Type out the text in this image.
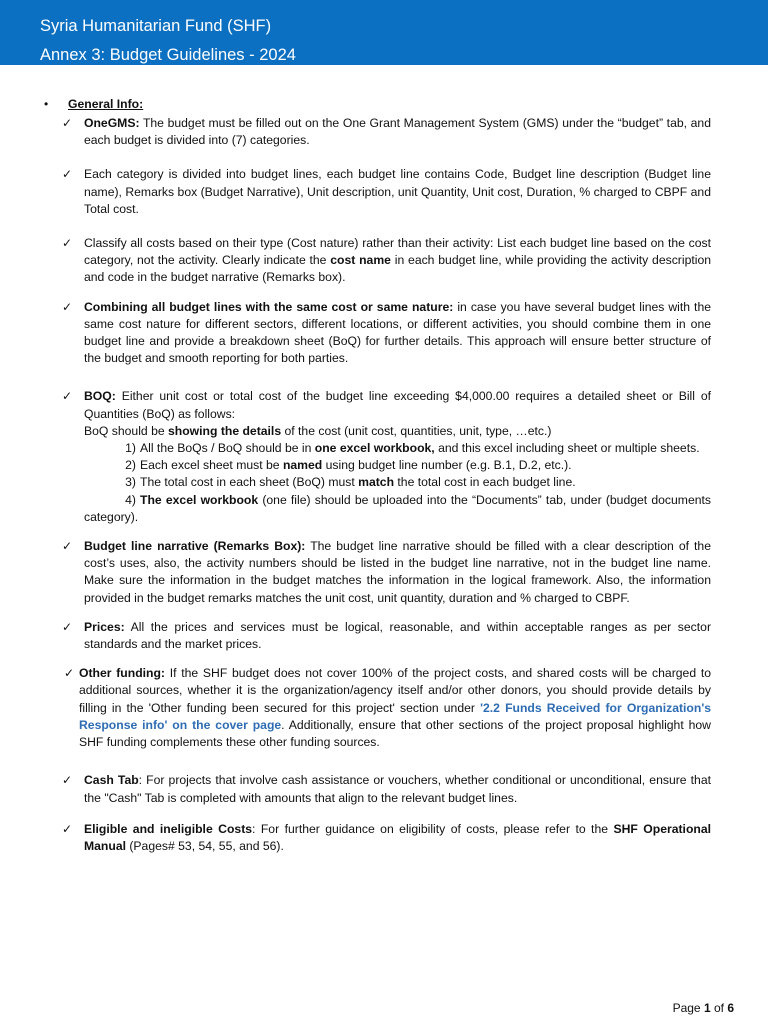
Syria Humanitarian Fund (SHF)
Annex 3: Budget Guidelines - 2024
• General Info:
✓ OneGMS: The budget must be filled out on the One Grant Management System (GMS) under the “budget” tab, and each budget is divided into (7) categories.
✓ Each category is divided into budget lines, each budget line contains Code, Budget line description (Budget line name), Remarks box (Budget Narrative), Unit description, unit Quantity, Unit cost, Duration, % charged to CBPF and Total cost.
✓ Classify all costs based on their type (Cost nature) rather than their activity: List each budget line based on the cost category, not the activity. Clearly indicate the cost name in each budget line, while providing the activity description and code in the budget narrative (Remarks box).
✓ Combining all budget lines with the same cost or same nature: in case you have several budget lines with the same cost nature for different sectors, different locations, or different activities, you should combine them in one budget line and provide a breakdown sheet (BoQ) for further details. This approach will ensure better structure of the budget and smooth reporting for both parties.
✓ BOQ: Either unit cost or total cost of the budget line exceeding $4,000.00 requires a detailed sheet or Bill of Quantities (BoQ) as follows:
BoQ should be showing the details of the cost (unit cost, quantities, unit, type, …etc.)
1) All the BoQs / BoQ should be in one excel workbook, and this excel including sheet or multiple sheets.
2) Each excel sheet must be named using budget line number (e.g. B.1, D.2, etc.).
3) The total cost in each sheet (BoQ) must match the total cost in each budget line.
4) The excel workbook (one file) should be uploaded into the “Documents” tab, under (budget documents category).
✓ Budget line narrative (Remarks Box): The budget line narrative should be filled with a clear description of the cost’s uses, also, the activity numbers should be listed in the budget line narrative, not in the budget line name. Make sure the information in the budget matches the information in the logical framework. Also, the information provided in the budget remarks matches the unit cost, unit quantity, duration and % charged to CBPF.
✓ Prices: All the prices and services must be logical, reasonable, and within acceptable ranges as per sector standards and the market prices.
✓ Other funding: If the SHF budget does not cover 100% of the project costs, and shared costs will be charged to additional sources, whether it is the organization/agency itself and/or other donors, you should provide details by filling in the 'Other funding been secured for this project' section under '2.2 Funds Received for Organization's Response info' on the cover page. Additionally, ensure that other sections of the project proposal highlight how SHF funding complements these other funding sources.
✓ Cash Tab: For projects that involve cash assistance or vouchers, whether conditional or unconditional, ensure that the "Cash" Tab is completed with amounts that align to the relevant budget lines.
✓ Eligible and ineligible Costs: For further guidance on eligibility of costs, please refer to the SHF Operational Manual (Pages# 53, 54, 55, and 56).
Page 1 of 6
